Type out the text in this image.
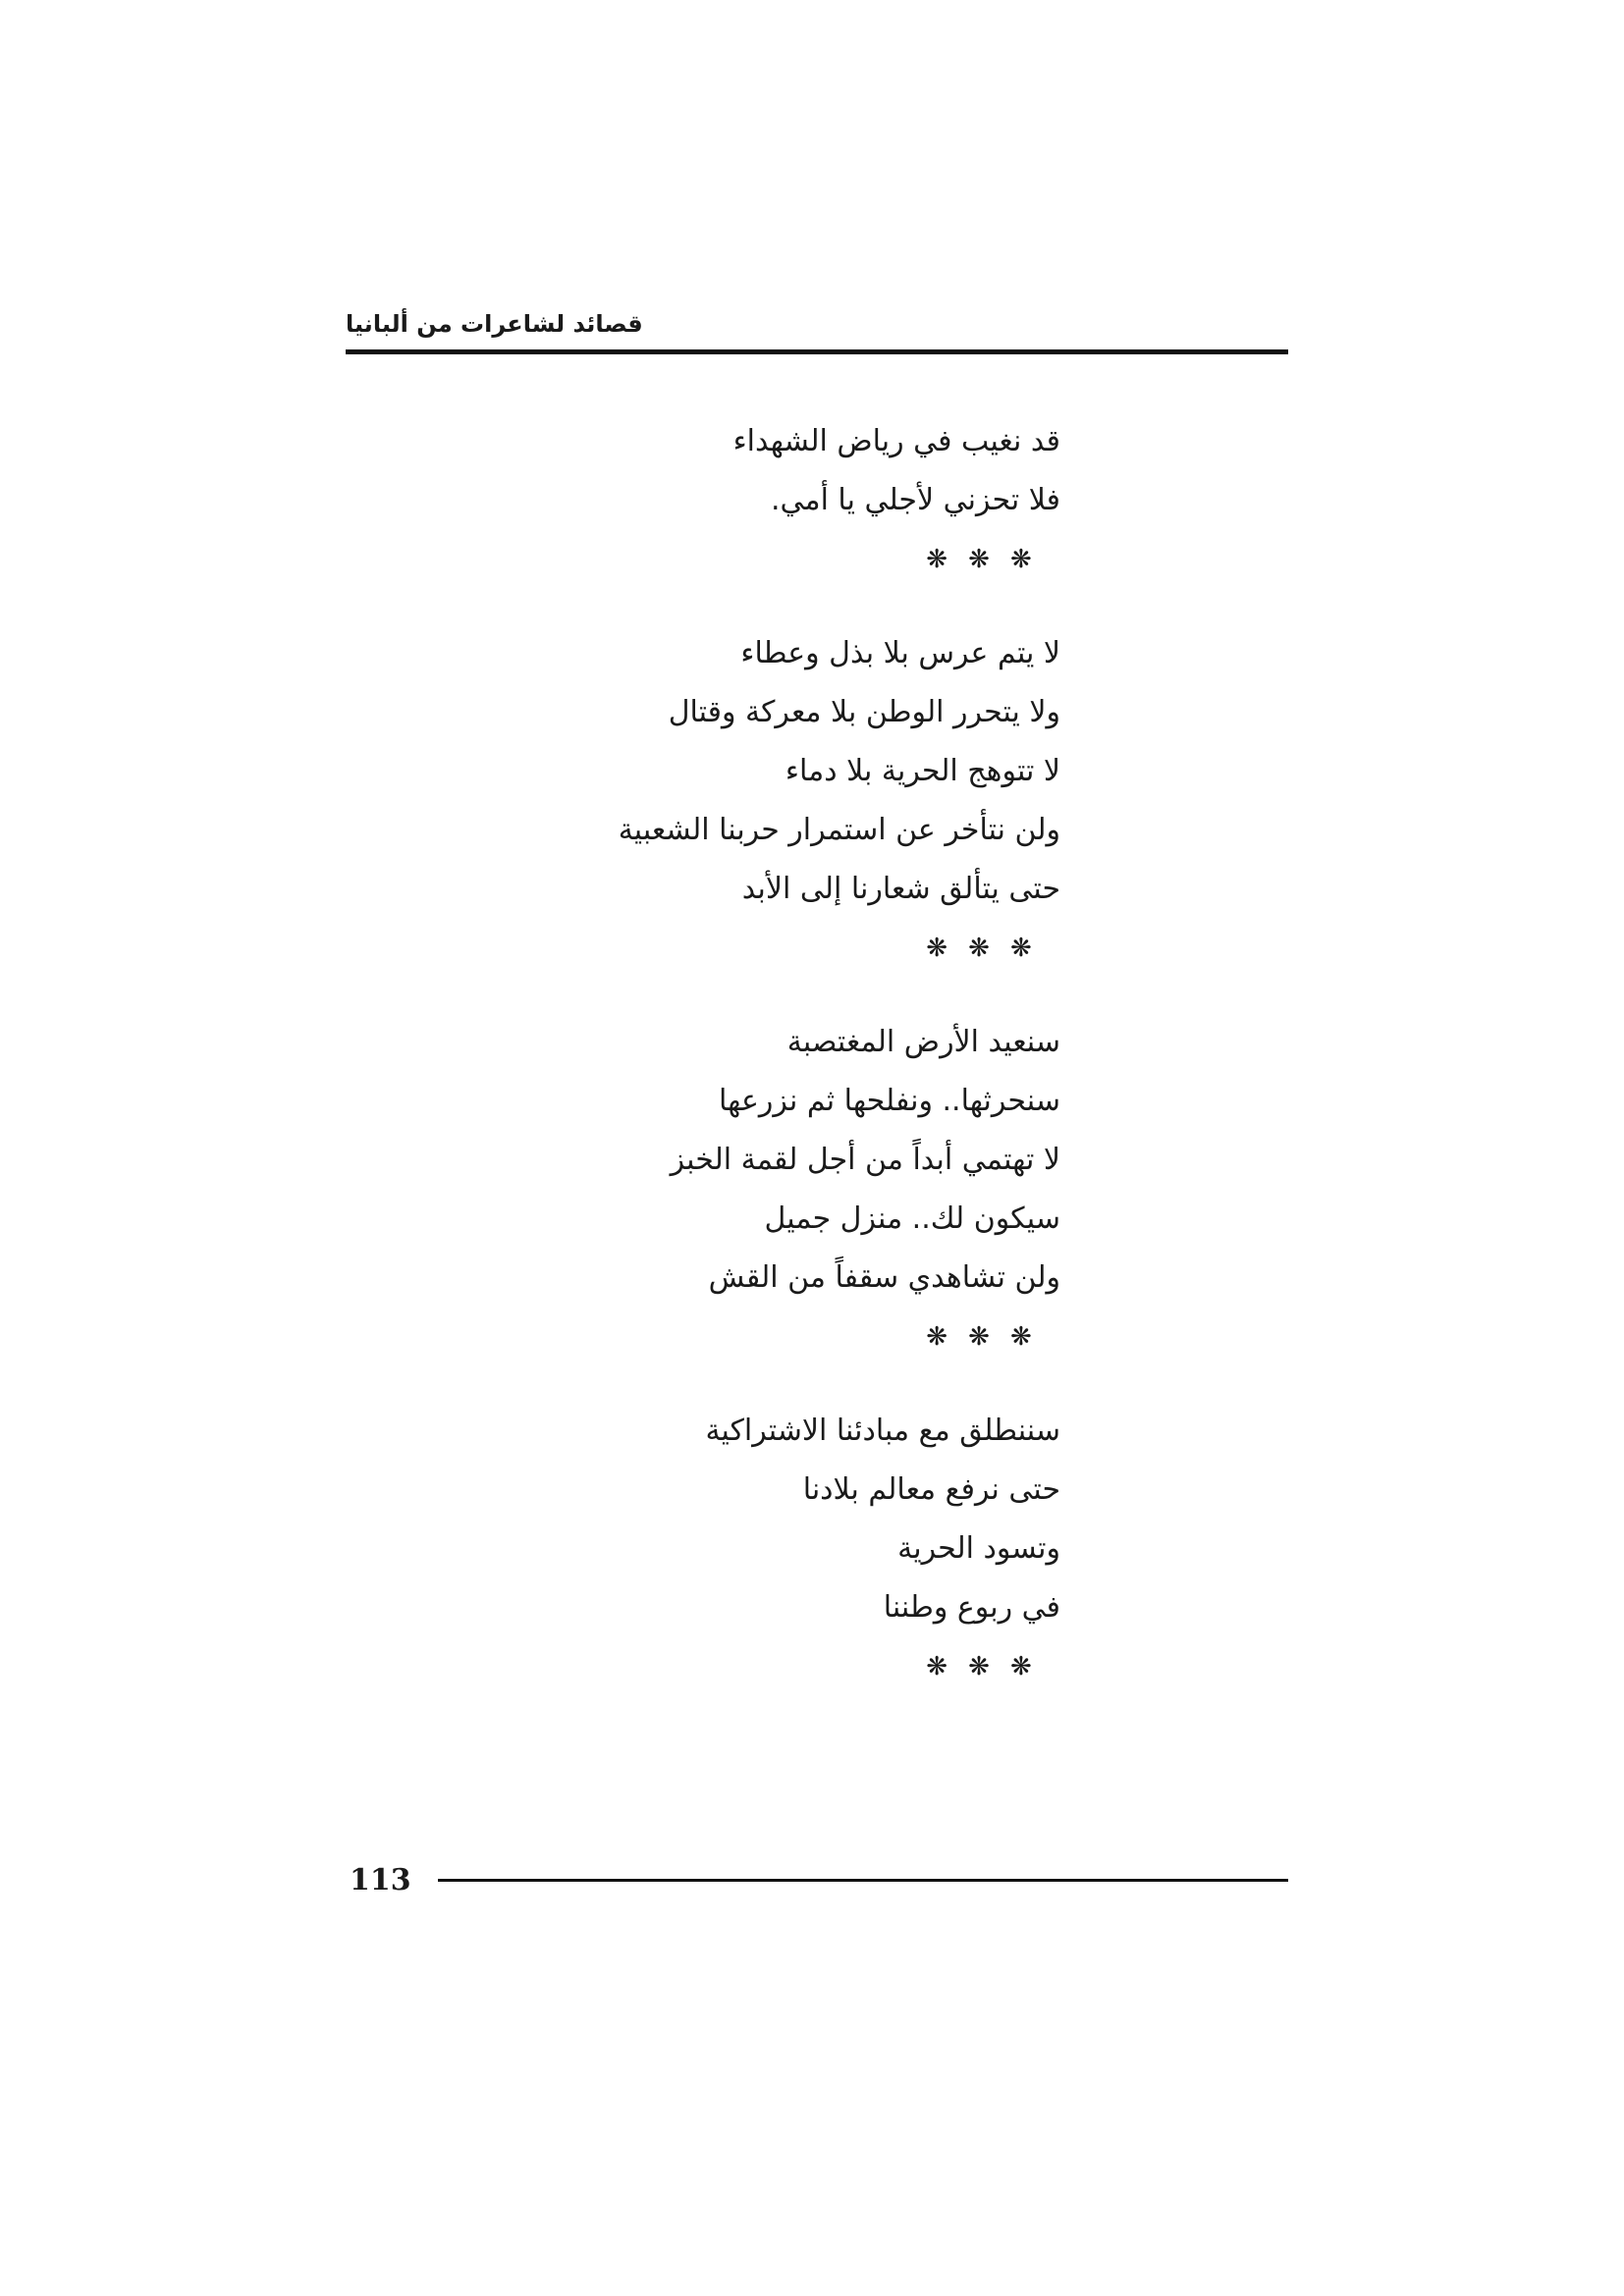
قصائد لشاعرات من ألبانيا
قد نغيب في رياض الشهداء
فلا تحزني لأجلي يا أمي.
❋ ❋ ❋
لا يتم عرس بلا بذل وعطاء
ولا يتحرر الوطن بلا معركة وقتال
لا تتوهج الحرية بلا دماء
ولن نتأخر عن استمرار حربنا الشعبية
حتى يتألق شعارنا إلى الأبد
❋ ❋ ❋
سنعيد الأرض المغتصبة
سنحرثها.. ونفلحها ثم نزرعها
لا تهتمي أبداً من أجل لقمة الخبز
سيكون لك.. منزل جميل
ولن تشاهدي سقفاً من القش
❋ ❋ ❋
سننطلق مع مبادئنا الاشتراكية
حتى نرفع معالم بلادنا
وتسود الحرية
في ربوع وطننا
❋ ❋ ❋
113
